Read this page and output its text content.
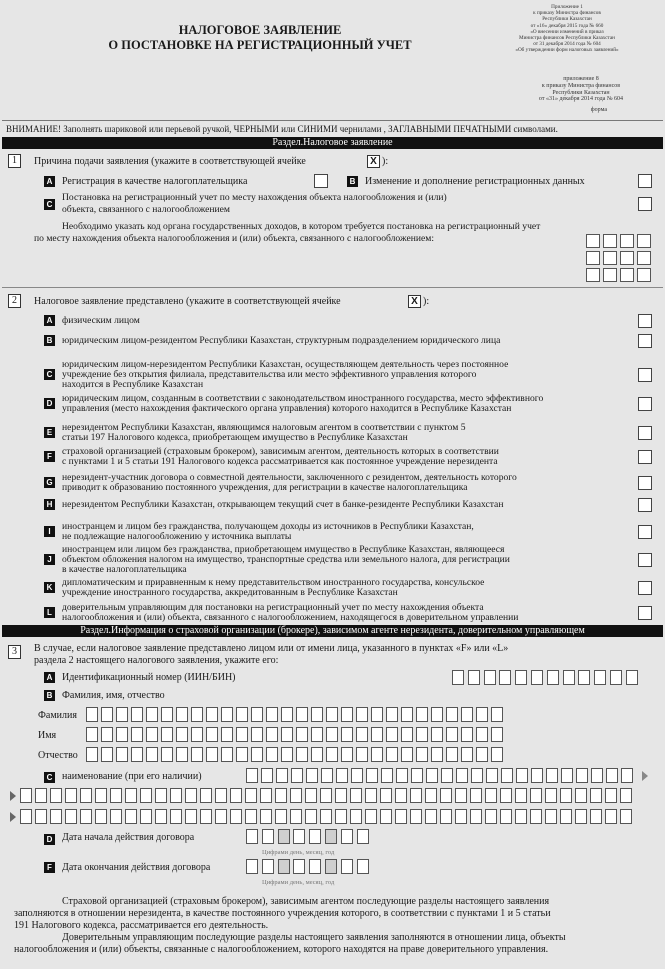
НАЛОГОВОЕ ЗАЯВЛЕНИЕ
О ПОСТАНОВКЕ НА РЕГИСТРАЦИОННЫЙ УЧЕТ
Приложение 1
к приказу Министра финансов
Республики Казахстан
от «16» декабря 2015 года № 660
«О внесении изменений в приказ
Министра финансов Республики Казахстан
от 31 декабря 2014 года № 604
«Об утверждении форм налоговых заявлений»
приложение 8
к приказу Министра финансов
Республики Казахстан
от «31» декабря 2014 года № 604
форма
ВНИМАНИЕ! Заполнять шариковой или перьевой ручкой, ЧЕРНЫМИ или СИНИМИ чернилами , ЗАГЛАВНЫМИ ПЕЧАТНЫМИ символами.
Раздел.Налоговое заявление
1	Причина подачи заявления (укажите в соответствующей ячейке	X ):
A Регистрация в качестве налогоплательщика	B Изменение и дополнение регистрационных данных
C
Постановка на регистрационный учет по месту нахождения объекта налогообложения и (или)
объекта, связанного с налогообложением
Необходимо указать код органа государственных доходов, в котором требуется постановка на регистрационный учет
по месту нахождения объекта налогообложения и (или) объекта, связанного с налогообложением:
2	Налоговое заявление представлено (укажите в соответствующей ячейке	X ):
A физическим лицом
B юридическим лицом-резидентом Республики Казахстан, структурным подразделением юридического лица
C
юридическим лицом-нерезидентом Республики Казахстан, осуществляющем деятельность через постоянное
учреждение без открытия филиала, представительства или место эффективного управления которого
находится в Республике Казахстан
D юридическим лицом, созданным в соответствии с законодательством иностранного государства, место эффективного
управления (место нахождения фактического органа управления) которого находится в Республике Казахстан
E нерезидентом Республики Казахстан, являющимся налоговым агентом в соответствии с пунктом 5
статьи 197 Налогового кодекса, приобретающем имущество в Республике Казахстан
F	страховой организацией (страховым брокером), зависимым агентом, деятельность которых в соответствии
с пунктами 1 и 5 статьи 191 Налогового кодекса рассматривается как постоянное учреждение нерезидента
G нерезидент-участник договора о совместной деятельности, заключенного с резидентом, деятельность которого
приводит к образованию постоянного учреждения, для регистрации в качестве налогоплательщика
H нерезидентом Республики Казахстан, открывающем текущий счет в банке-резиденте Республики Казахстан
I	иностранцем и лицом без гражданства, получающем доходы из источников в Республики Казахстан,
не подлежащие налогообложению у источника выплаты
J
иностранцем или лицом без гражданства, приобретающем имущество в Республике Казахстан, являющееся
объектом обложения налогом на имущество, транспортные средства или земельного налога, для регистрации
в качестве налогоплательщика
K дипломатическим и приравненным к нему представительством иностранного государства, консульское
учреждение иностранного государства, аккредитованным в Республике Казахстан
L	доверительным управляющим для постановки на регистрационный учет по месту нахождения объекта
налогообложения и (или) объекта, связанного с налогообложением, находящегося в доверительном управлении
Раздел.Информация о страховой организации (брокере), зависимом агенте нерезидента, доверительном управляющем
3	В случае, если налоговое заявление представлено лицом или от имени лица, указанного в пунктах «F» или «L»
раздела 2 настоящего налогового заявления, укажите его:
A Идентификационный номер (ИИН/БИН)
B Фамилия, имя, отчество
Фамилия
Имя
Отчество
C наименование (при его наличии)
D Дата начала действия договора
Цифрами день, месяц, год
F	Дата окончания действия договора
Цифрами день, месяц, год
Страховой организацией (страховым брокером), зависимым агентом последующие разделы настоящего заявления
заполняются в отношении нерезидента, в качестве постоянного учреждения которого, в соответствии с пунктами 1 и 5 статьи
191 Налогового кодекса, рассматривается его деятельность.
Доверительным управляющим последующие разделы настоящего заявления заполняются в отношении лица, объекты
налогообложения и (или) объекты, связанные с налогообложением, которого находятся на праве доверительного управления.
